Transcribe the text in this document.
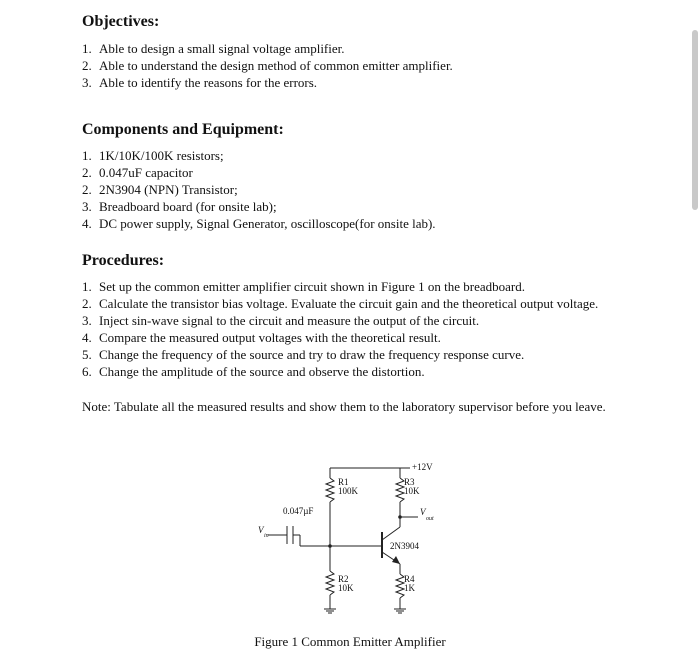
Objectives:
1. Able to design a small signal voltage amplifier.
2. Able to understand the design method of common emitter amplifier.
3. Able to identify the reasons for the errors.
Components and Equipment:
1. 1K/10K/100K resistors;
2. 0.047uF capacitor
2. 2N3904 (NPN) Transistor;
3. Breadboard board (for onsite lab);
4. DC power supply, Signal Generator, oscilloscope(for onsite lab).
Procedures:
1. Set up the common emitter amplifier circuit shown in Figure 1 on the breadboard.
2. Calculate the transistor bias voltage. Evaluate the circuit gain and the theoretical output voltage.
3. Inject sin-wave signal to the circuit and measure the output of the circuit.
4. Compare the measured output voltages with the theoretical result.
5. Change the frequency of the source and try to draw the frequency response curve.
6. Change the amplitude of the source and observe the distortion.

Note: Tabulate all the measured results and show them to the laboratory supervisor before you leave.

+12V
R1
100K
R3
10K
R2
10K
R4
1K
0.047µF
2N3904
V
in
V
out

Figure 1 Common Emitter Amplifier
